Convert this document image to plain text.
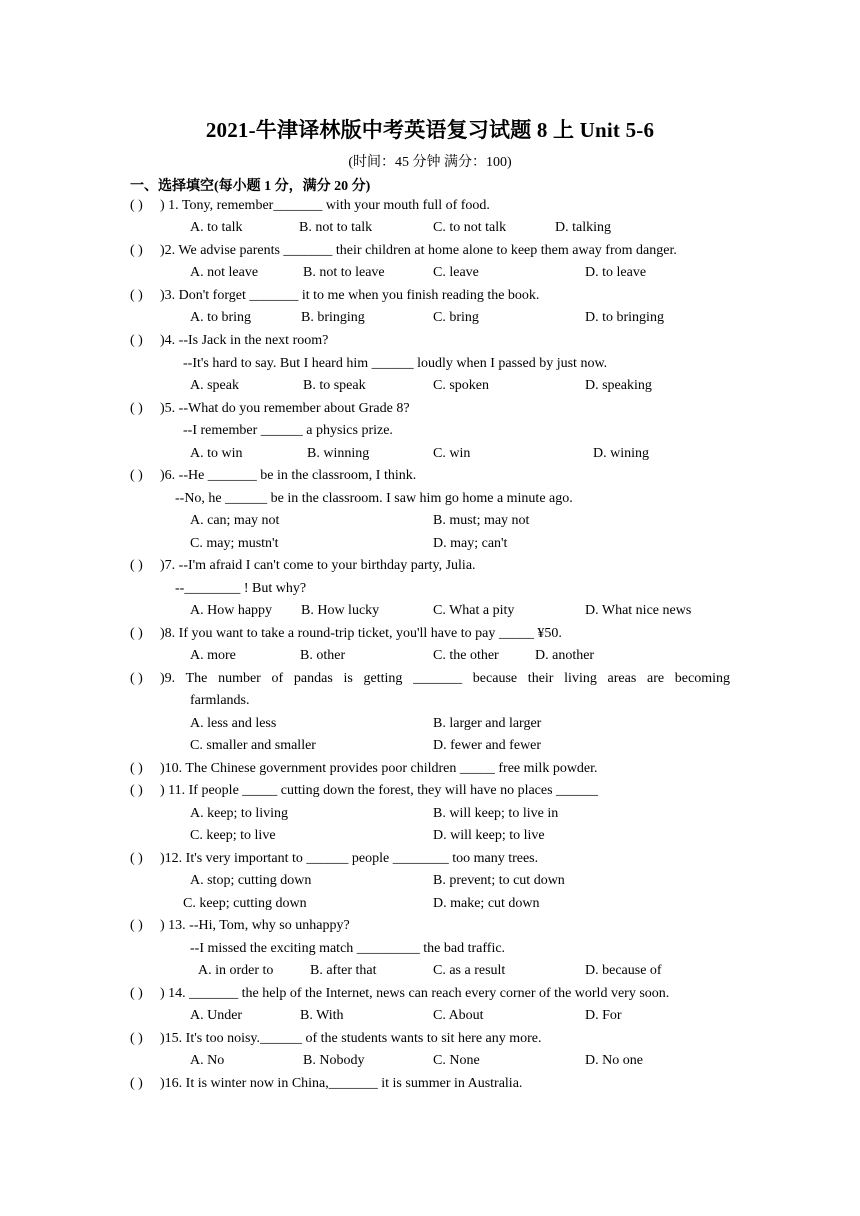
2021-牛津译林版中考英语复习试题 8 上 Unit 5-6
(时间：45 分钟 满分：100)
一、选择填空(每小题 1 分，满分 20 分)
( ) ) 1. Tony, remember_______ with your mouth full of food.
A. to talk	B. not to talk	C. to not talk	D. talking
( ) )2. We advise parents _______ their children at home alone to keep them away from danger.
A. not leave	B. not to leave	C. leave	D. to leave
( ) )3. Don't forget _______ it to me when you finish reading the book.
A. to bring	B. bringing	C. bring	D. to bringing
( ) )4. --Is Jack in the next room?
--It's hard to say. But I heard him ______ loudly when I passed by just now.
A. speak	B. to speak	C. spoken	D. speaking
( ) )5. --What do you remember about Grade 8?
--I remember ______ a physics prize.
A. to win	B. winning	C. win	D. wining
( ) )6. --He _______ be in the classroom, I think.
--No, he ______ be in the classroom. I saw him go home a minute ago.
A. can; may not	B. must; may not
C. may; mustn't	D. may; can't
( ) )7. --I'm afraid I can't come to your birthday party, Julia.
--________ ! But why?
A. How happy B. How lucky	C. What a pity	D. What nice news
( ) )8. If you want to take a round-trip ticket, you'll have to pay _____ ¥50.
A. more	B. other	C. the other	D. another
( ) )9. The number of pandas is getting _______ because their living areas are becoming
farmlands.
A. less and less	B. larger and larger
C. smaller and smaller	D. fewer and fewer
( ) )10. The Chinese government provides poor children _____ free milk powder.
( ) ) 11. If people _____ cutting down the forest, they will have no places ______
A. keep; to living	B. will keep; to live in
C. keep; to live	D. will keep; to live
( ) )12. It's very important to ______ people ________ too many trees.
A. stop; cutting down	B. prevent; to cut down
C. keep; cutting down	D. make; cut down
( ) ) 13. --Hi, Tom, why so unhappy?
--I missed the exciting match _________ the bad traffic.
A. in order to	B. after that	C. as a result	D. because of
( ) ) 14. _______ the help of the Internet, news can reach every corner of the world very soon.
A. Under	B. With	C. About	D. For
( ) )15. It's too noisy.______ of the students wants to sit here any more.
A. No	B. Nobody	C. None	D. No one
( ) )16. It is winter now in China,_______ it is summer in Australia.
